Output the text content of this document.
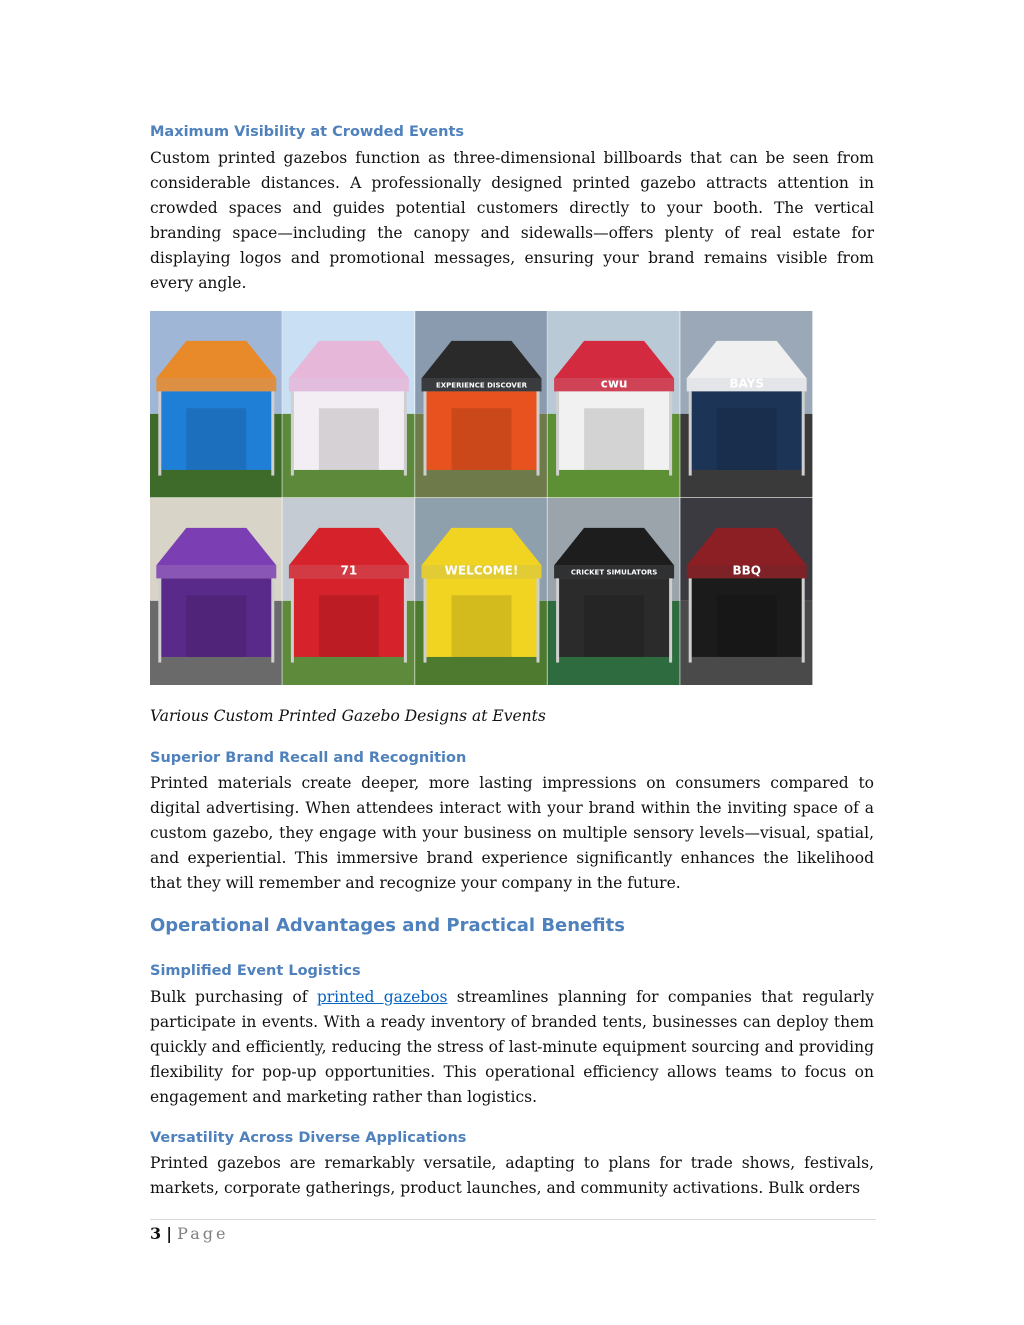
Maximum Visibility at Crowded Events

Custom printed gazebos function as three-dimensional billboards that can be seen from considerable distances. A professionally designed printed gazebo attracts attention in crowded spaces and guides potential customers directly to your booth. The vertical branding space—including the canopy and sidewalls—offers plenty of real estate for displaying logos and promotional messages, ensuring your brand remains visible from every angle.

EXPERIENCE DISCOVER	cwu	BAYS
71	WELCOME!	CRICKET SIMULATORS	BBQ
Various Custom Printed Gazebo Designs at Events
Superior Brand Recall and Recognition

Printed materials create deeper, more lasting impressions on consumers compared to digital advertising. When attendees interact with your brand within the inviting space of a custom gazebo, they engage with your business on multiple sensory levels—visual, spatial, and experiential. This immersive brand experience significantly enhances the likelihood that they will remember and recognize your company in the future.

Operational Advantages and Practical Benefits
Simplified Event Logistics

Bulk purchasing of printed gazebos streamlines planning for companies that regularly participate in events. With a ready inventory of branded tents, businesses can deploy them quickly and efficiently, reducing the stress of last-minute equipment sourcing and providing flexibility for pop-up opportunities. This operational efficiency allows teams to focus on engagement and marketing rather than logistics.

Versatility Across Diverse Applications

Printed gazebos are remarkably versatile, adapting to plans for trade shows, festivals, markets, corporate gatherings, product launches, and community activations. Bulk orders

3 | Page
